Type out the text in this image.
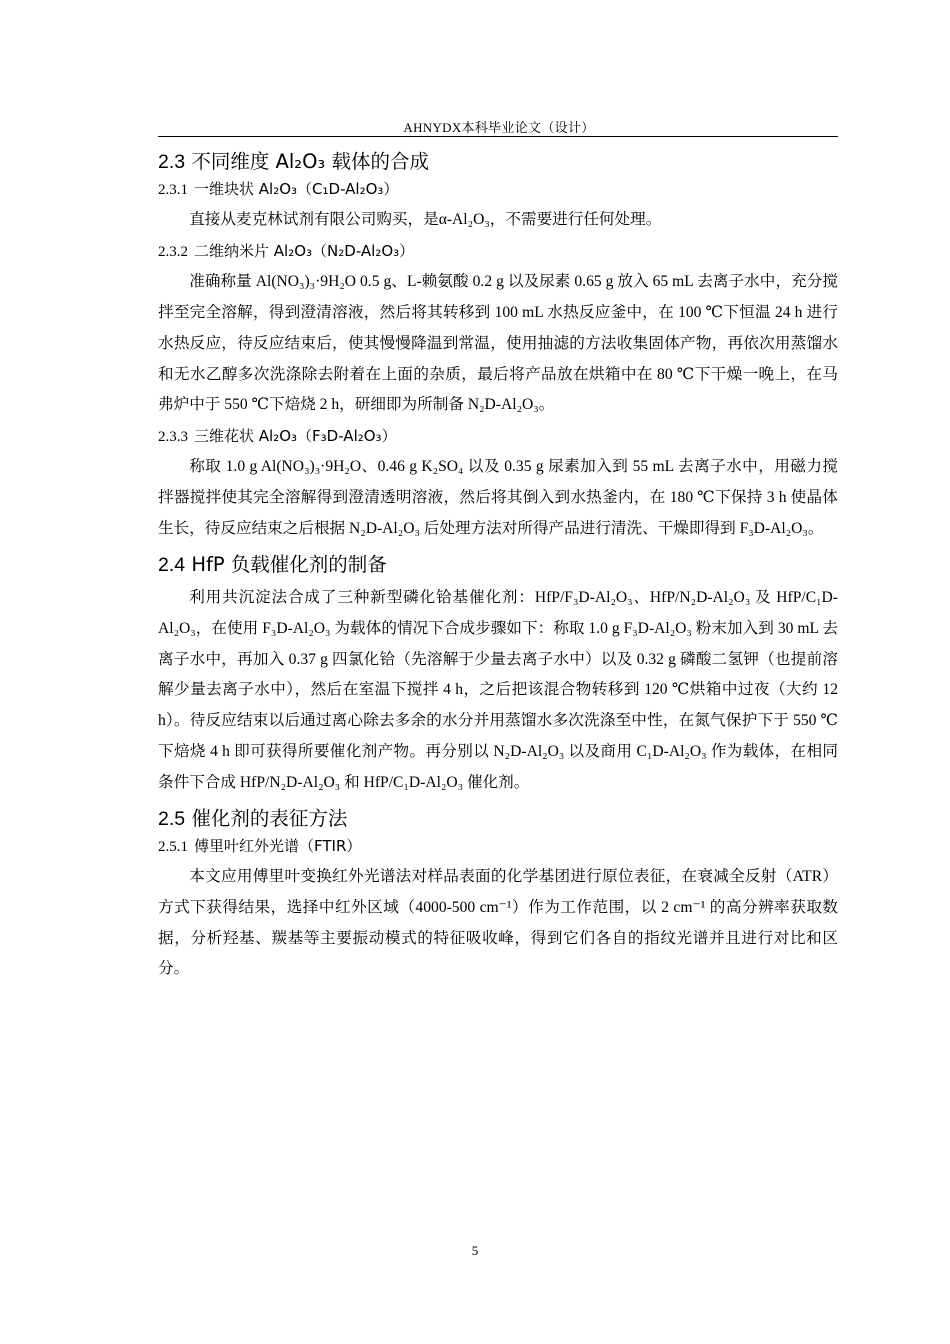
AHNYDX本科毕业论文（设计）
2.3 不同维度 Al₂O₃ 载体的合成
2.3.1 一维块状 Al₂O₃（C₁D-Al₂O₃）

直接从麦克林试剂有限公司购买，是α-Al₂O₃，不需要进行任何处理。

2.3.2 二维纳米片 Al₂O₃（N₂D-Al₂O₃）

准确称量 Al(NO₃)₃·9H₂O 0.5 g、L-赖氨酸 0.2 g 以及尿素 0.65 g 放入 65 mL 去离子水中，充分搅拌至完全溶解，得到澄清溶液，然后将其转移到 100 mL 水热反应釜中，在 100 ℃下恒温 24 h 进行水热反应，待反应结束后，使其慢慢降温到常温，使用抽滤的方法收集固体产物，再依次用蒸馏水和无水乙醇多次洗涤除去附着在上面的杂质，最后将产品放在烘箱中在 80 ℃下干燥一晚上，在马弗炉中于 550 ℃下焙烧 2 h，研细即为所制备 N₂D-Al₂O₃。

2.3.3 三维花状 Al₂O₃（F₃D-Al₂O₃）

称取 1.0 g Al(NO₃)₃·9H₂O、0.46 g K₂SO₄ 以及 0.35 g 尿素加入到 55 mL 去离子水中，用磁力搅拌器搅拌使其完全溶解得到澄清透明溶液，然后将其倒入到水热釜内，在 180 ℃下保持 3 h 使晶体生长，待反应结束之后根据 N₂D-Al₂O₃ 后处理方法对所得产品进行清洗、干燥即得到 F₃D-Al₂O₃。

2.4 HfP 负载催化剂的制备

利用共沉淀法合成了三种新型磷化铪基催化剂：HfP/F₃D-Al₂O₃、HfP/N₂D-Al₂O₃ 及 HfP/C₁D-Al₂O₃，在使用 F₃D-Al₂O₃ 为载体的情况下合成步骤如下：称取 1.0 g F₃D-Al₂O₃ 粉末加入到 30 mL 去离子水中，再加入 0.37 g 四氯化铪（先溶解于少量去离子水中）以及 0.32 g 磷酸二氢钾（也提前溶解少量去离子水中），然后在室温下搅拌 4 h，之后把该混合物转移到 120 ℃烘箱中过夜（大约 12 h）。待反应结束以后通过离心除去多余的水分并用蒸馏水多次洗涤至中性，在氮气保护下于 550 ℃下焙烧 4 h 即可获得所要催化剂产物。再分别以 N₂D-Al₂O₃ 以及商用 C₁D-Al₂O₃ 作为载体，在相同条件下合成 HfP/N₂D-Al₂O₃ 和 HfP/C₁D-Al₂O₃ 催化剂。

2.5 催化剂的表征方法
2.5.1 傅里叶红外光谱（FTIR）

本文应用傅里叶变换红外光谱法对样品表面的化学基团进行原位表征，在衰减全反射（ATR）方式下获得结果，选择中红外区域（4000-500 cm⁻¹）作为工作范围，以 2 cm⁻¹ 的高分辨率获取数据，分析羟基、羰基等主要振动模式的特征吸收峰，得到它们各自的指纹光谱并且进行对比和区分。

5
